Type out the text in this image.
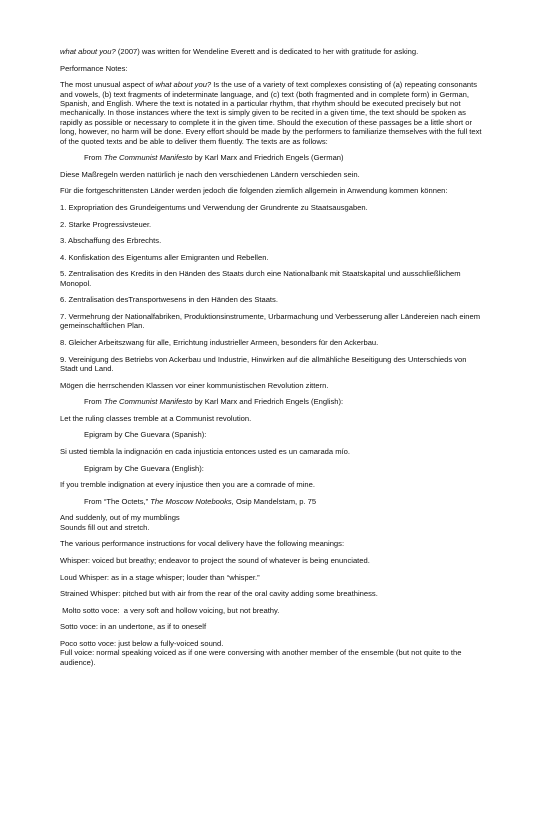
what about you? (2007) was written for Wendeline Everett and is dedicated to her with gratitude for asking.

Performance Notes:

The most unusual aspect of what about you? Is the use of a variety of text complexes consisting of (a) repeating consonants and vowels, (b) text fragments of indeterminate language, and (c) text (both fragmented and in complete form) in German, Spanish, and English. Where the text is notated in a particular rhythm, that rhythm should be executed precisely but not mechanically. In those instances where the text is simply given to be recited in a given time, the text should be spoken as rapidly as possible or necessary to complete it in the given time. Should the execution of these passages be a little short or long, however, no harm will be done. Every effort should be made by the performers to familiarize themselves with the full text of the quoted texts and be able to deliver them fluently. The texts are as follows:

From The Communist Manifesto by Karl Marx and Friedrich Engels (German)

Diese Maßregeln werden natürlich je nach den verschiedenen Ländern verschieden sein.

Für die fortgeschrittensten Länder werden jedoch die folgenden ziemlich allgemein in Anwendung kommen können:

1. Expropriation des Grundeigentums und Verwendung der Grundrente zu Staatsausgaben.

2. Starke Progressivsteuer.

3. Abschaffung des Erbrechts.

4. Konfiskation des Eigentums aller Emigranten und Rebellen.

5. Zentralisation des Kredits in den Händen des Staats durch eine Nationalbank mit Staatskapital und ausschließlichem Monopol.

6. Zentralisation desTransportwesens in den Händen des Staats.

7. Vermehrung der Nationalfabriken, Produktionsinstrumente, Urbarmachung und Verbesserung aller Ländereien nach einem gemeinschaftlichen Plan.

8. Gleicher Arbeitszwang für alle, Errichtung industrieller Armeen, besonders für den Ackerbau.

9. Vereinigung des Betriebs von Ackerbau und Industrie, Hinwirken auf die allmähliche Beseitigung des Unterschieds von Stadt und Land.

Mögen die herrschenden Klassen vor einer kommunistischen Revolution zittern.

From The Communist Manifesto by Karl Marx and Friedrich Engels (English):

Let the ruling classes tremble at a Communist revolution.

Epigram by Che Guevara (Spanish):

Si usted tiembla la indignación en cada injusticia entonces usted es un camarada mío.

Epigram by Che Guevara (English):

If you tremble indignation at every injustice then you are a comrade of mine.

From “The Octets,” The Moscow Notebooks, Osip Mandelstam, p. 75

And suddenly, out of my mumblings

Sounds fill out and stretch.

The various performance instructions for vocal delivery have the following meanings:

Whisper: voiced but breathy; endeavor to project the sound of whatever is being enunciated.

Loud Whisper: as in a stage whisper; louder than “whisper.”

Strained Whisper: pitched but with air from the rear of the oral cavity adding some breathiness.

Molto sotto voce:  a very soft and hollow voicing, but not breathy.

Sotto voce: in an undertone, as if to oneself

Poco sotto voce: just below a fully-voiced sound.

Full voice: normal speaking voiced as if one were conversing with another member of the ensemble (but not quite to the audience).
